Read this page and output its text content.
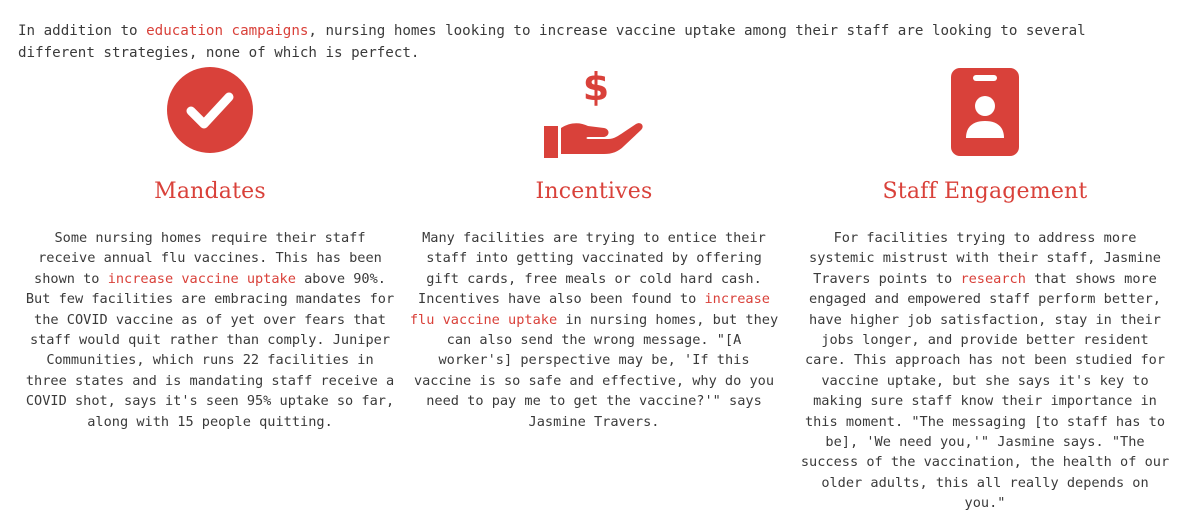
In addition to education campaigns, nursing homes looking to increase vaccine uptake among their staff are looking to several different strategies, none of which is perfect.

Mandates
Some nursing homes require their staff receive annual flu vaccines. This has been shown to increase vaccine uptake above 90%. But few facilities are embracing mandates for the COVID vaccine as of yet over fears that staff would quit rather than comply. Juniper Communities, which runs 22 facilities in three states and is mandating staff receive a COVID shot, says it's seen 95% uptake so far, along with 15 people quitting.
$
Incentives
Many facilities are trying to entice their staff into getting vaccinated by offering gift cards, free meals or cold hard cash. Incentives have also been found to increase flu vaccine uptake in nursing homes, but they can also send the wrong message. "[A worker's] perspective may be, 'If this vaccine is so safe and effective, why do you need to pay me to get the vaccine?'" says Jasmine Travers.
Staff Engagement
For facilities trying to address more systemic mistrust with their staff, Jasmine Travers points to research that shows more engaged and empowered staff perform better, have higher job satisfaction, stay in their jobs longer, and provide better resident care. This approach has not been studied for vaccine uptake, but she says it's key to making sure staff know their importance in this moment. "The messaging [to staff has to be], 'We need you,'" Jasmine says. "The success of the vaccination, the health of our older adults, this all really depends on you."
